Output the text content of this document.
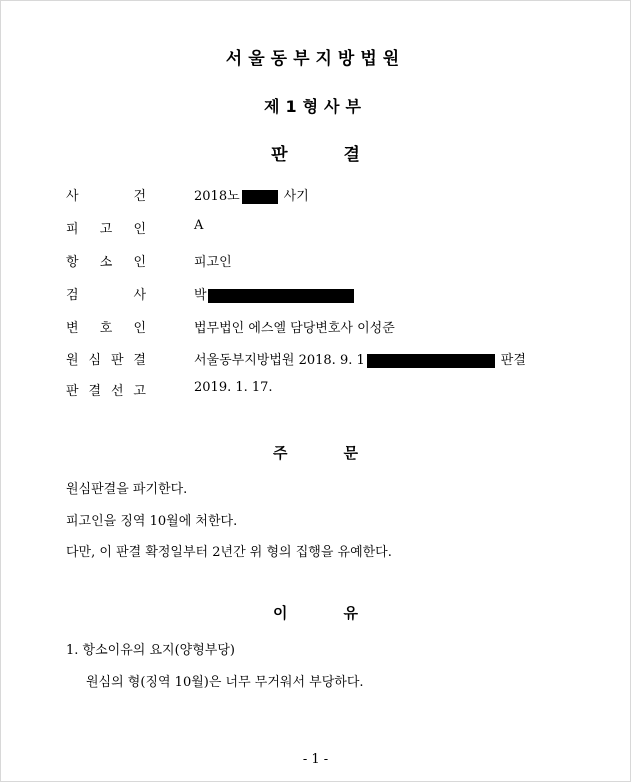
서울동부지방법원
제1형사부
판	결
사	건	2018노	사기
피 고 인	A
항 소 인	피고인
검	사	박
변 호 인	법무법인 에스엘 담당변호사 이성준
원 심 판 결	서울동부지방법원 2018. 9. 1	판결
판 결 선 고	2019. 1. 17.
주	문
원심판결을 파기한다.
피고인을 징역 10월에 처한다.
다만, 이 판결 확정일부터 2년간 위 형의 집행을 유예한다.
이	유
1. 항소이유의 요지(양형부당)
원심의 형(징역 10월)은 너무 무거워서 부당하다.
- 1 -
